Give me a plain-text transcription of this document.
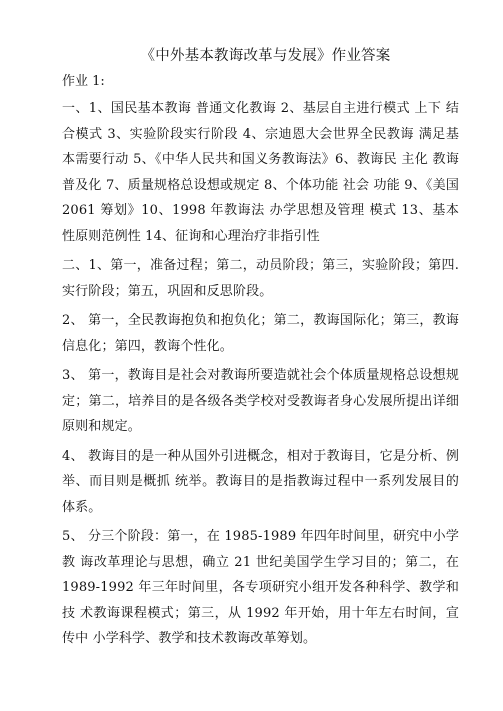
《中外基本教诲改革与发展》作业答案
作业 1:
一、1、国民基本教诲 普通文化教诲 2、基层自主进行模式 上下 结合模式 3、实验阶段实行阶段 4、宗迪恩大会世界全民教诲 满足基本需要行动 5、《中华人民共和国义务教诲法》6、教诲民 主化 教诲普及化 7、质量规格总设想或规定 8、个体功能 社会 功能 9、《美国 2061 筹划》10、1998 年教诲法 办学思想及管理 模式 13、基本性原则范例性 14、征询和心理治疗非指引性
二、1、第一，准备过程；第二，动员阶段；第三，实验阶段；第四. 实行阶段；第五，巩固和反思阶段。
2、 第一，全民教诲抱负和抱负化；第二，教诲国际化；第三，教诲 信息化；第四，教诲个性化。
3、 第一，教诲目是社会对教诲所要造就社会个体质量规格总设想规 定；第二，培养目的是各级各类学校对受教诲者身心发展所提出详细 原则和规定。
4、 教诲目的是一种从国外引进概念，相对于教诲目，它是分析、例 举、而目则是概抓 统举。教诲目的是指教诲过程中一系列发展目的 体系。
5、 分三个阶段：第一，在 1985-1989 年四年时间里，研究中小学教 诲改革理论与思想，确立 21 世纪美国学生学习目的；第二，在 1989-1992 年三年时间里，各专项研究小组开发各种科学、教学和技 术教诲课程模式；第三，从 1992 年开始，用十年左右时间，宣传中 小学科学、教学和技术教诲改革筹划。
